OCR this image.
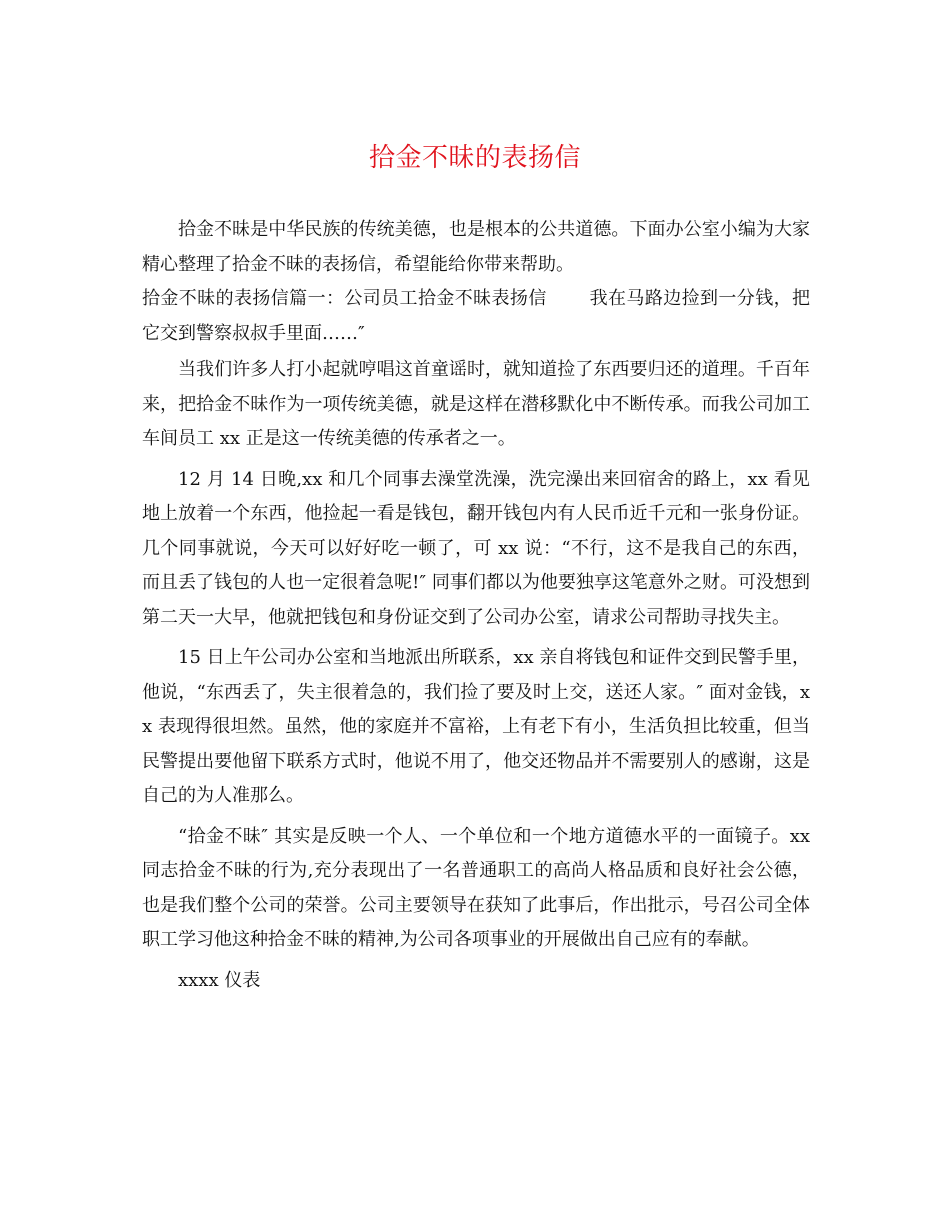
拾金不昧的表扬信

拾金不昧是中华民族的传统美德，也是根本的公共道德。下面办公室小编为大家精心整理了拾金不昧的表扬信，希望能给你带来帮助。

拾金不昧的表扬信篇一：公司员工拾金不昧表扬信　　 我在马路边捡到一分钱，把它交到警察叔叔手里面……″

当我们许多人打小起就哼唱这首童谣时，就知道捡了东西要归还的道理。千百年来，把拾金不昧作为一项传统美德，就是这样在潜移默化中不断传承。而我公司加工车间员工 xx 正是这一传统美德的传承者之一。

12 月 14 日晚,xx 和几个同事去澡堂洗澡，洗完澡出来回宿舍的路上，xx 看见地上放着一个东西，他捡起一看是钱包，翻开钱包内有人民币近千元和一张身份证。几个同事就说，今天可以好好吃一顿了，可 xx 说：“不行，这不是我自己的东西，而且丢了钱包的人也一定很着急呢!″ 同事们都以为他要独享这笔意外之财。可没想到第二天一大早，他就把钱包和身份证交到了公司办公室，请求公司帮助寻找失主。

15 日上午公司办公室和当地派出所联系，xx 亲自将钱包和证件交到民警手里，他说，“东西丢了，失主很着急的，我们捡了要及时上交，送还人家。″ 面对金钱，xx 表现得很坦然。虽然，他的家庭并不富裕，上有老下有小，生活负担比较重，但当民警提出要他留下联系方式时，他说不用了，他交还物品并不需要别人的感谢，这是自己的为人准那么。

“拾金不昧″ 其实是反映一个人、一个单位和一个地方道德水平的一面镜子。xx 同志拾金不昧的行为,充分表现出了一名普通职工的高尚人格品质和良好社会公德，也是我们整个公司的荣誉。公司主要领导在获知了此事后，作出批示，号召公司全体职工学习他这种拾金不昧的精神,为公司各项事业的开展做出自己应有的奉献。

xxxx 仪表
